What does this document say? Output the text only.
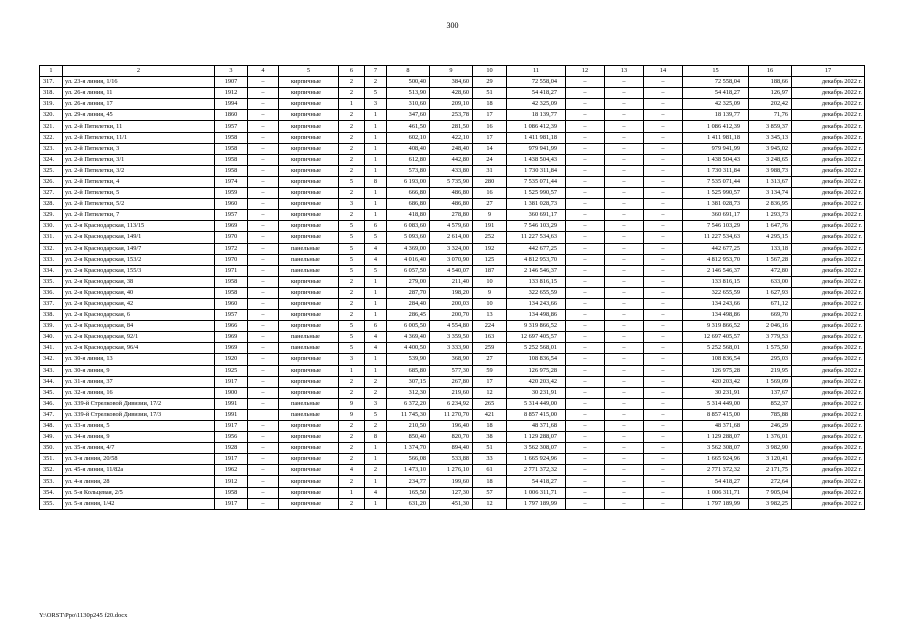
300
1	2	3	4	5	6	7	8	9	10	11	12	13	14	15	16	17
317.	ул. 23-я линия, 1/16	1907	–	кирпичные	2	2	500,40	384,60	29	72 558,04	–	–	–	72 558,04	188,66	декабрь 2022 г.
318.	ул. 26-я линия, 11	1912	–	кирпичные	2	5	513,90	428,60	51	54 418,27	–	–	–	54 418,27	126,97	декабрь 2022 г.
319.	ул. 26-я линия, 17	1994	–	кирпичные	1	3	310,60	209,10	18	42 325,09	–	–	–	42 325,09	202,42	декабрь 2022 г.
320.	ул. 29-я линия, 45	1860	–	кирпичные	2	1	347,60	253,78	17	18 139,77	–	–	–	18 139,77	71,76	декабрь 2022 г.
321.	ул. 2-й Пятилетки, 11	1957	–	кирпичные	2	1	461,50	281,50	16	1 086 412,39	–	–	–	1 086 412,39	3 859,37	декабрь 2022 г.
322.	ул. 2-й Пятилетки, 11/1	1958	–	кирпичные	2	1	602,10	422,10	17	1 411 981,18	–	–	–	1 411 981,18	3 345,13	декабрь 2022 г.
323.	ул. 2-й Пятилетки, 3	1958	–	кирпичные	2	1	408,40	248,40	14	979 941,99	–	–	–	979 941,99	3 945,02	декабрь 2022 г.
324.	ул. 2-й Пятилетки, 3/1	1958	–	кирпичные	2	1	612,80	442,80	24	1 438 504,43	–	–	–	1 438 504,43	3 248,65	декабрь 2022 г.
325.	ул. 2-й Пятилетки, 3/2	1958	–	кирпичные	2	1	573,80	433,80	31	1 730 311,84	–	–	–	1 730 311,84	3 988,73	декабрь 2022 г.
326.	ул. 2-й Пятилетки, 4	1974	–	кирпичные	5	8	6 193,00	5 735,90	280	7 535 071,44	–	–	–	7 535 071,44	1 313,67	декабрь 2022 г.
327.	ул. 2-й Пятилетки, 5	1959	–	кирпичные	2	1	666,80	486,80	16	1 525 990,57	–	–	–	1 525 990,57	3 134,74	декабрь 2022 г.
328.	ул. 2-й Пятилетки, 5/2	1960	–	кирпичные	3	1	686,80	486,80	27	1 381 028,73	–	–	–	1 381 028,73	2 836,95	декабрь 2022 г.
329.	ул. 2-й Пятилетки, 7	1957	–	кирпичные	2	1	418,80	278,80	9	360 691,17	–	–	–	360 691,17	1 293,73	декабрь 2022 г.
330.	ул. 2-я Краснодарская, 113/15	1969	–	кирпичные	5	6	6 083,60	4 579,60	191	7 546 103,29	–	–	–	7 546 103,29	1 647,76	декабрь 2022 г.
331.	ул. 2-я Краснодарская, 149/1	1970	–	кирпичные	5	5	5 093,60	2 614,00	252	11 227 534,63	–	–	–	11 227 534,63	4 295,15	декабрь 2022 г.
332.	ул. 2-я Краснодарская, 149/7	1972	–	панельные	5	4	4 369,00	3 324,00	192	442 677,25	–	–	–	442 677,25	133,18	декабрь 2022 г.
333.	ул. 2-я Краснодарская, 153/2	1970	–	панельные	5	4	4 016,40	3 070,90	125	4 812 953,70	–	–	–	4 812 953,70	1 567,28	декабрь 2022 г.
334.	ул. 2-я Краснодарская, 155/3	1971	–	панельные	5	5	6 057,50	4 540,07	187	2 146 546,37	–	–	–	2 146 546,37	472,80	декабрь 2022 г.
335.	ул. 2-я Краснодарская, 38	1958	–	кирпичные	2	1	279,00	211,40	10	133 816,15	–	–	–	133 816,15	633,00	декабрь 2022 г.
336.	ул. 2-я Краснодарская, 40	1958	–	кирпичные	2	1	287,70	198,20	9	322 655,59	–	–	–	322 655,59	1 627,93	декабрь 2022 г.
337.	ул. 2-я Краснодарская, 42	1960	–	кирпичные	2	1	284,40	200,03	10	134 243,66	–	–	–	134 243,66	671,12	декабрь 2022 г.
338.	ул. 2-я Краснодарская, 6	1957	–	кирпичные	2	1	286,45	200,70	13	134 498,86	–	–	–	134 498,86	669,70	декабрь 2022 г.
339.	ул. 2-я Краснодарская, 84	1966	–	кирпичные	5	6	6 005,50	4 554,80	224	9 319 866,52	–	–	–	9 319 866,52	2 046,16	декабрь 2022 г.
340.	ул. 2-я Краснодарская, 92/1	1969	–	панельные	5	4	4 369,40	3 359,50	163	12 697 405,57	–	–	–	12 697 405,57	3 779,53	декабрь 2022 г.
341.	ул. 2-я Краснодарская, 96/4	1969	–	панельные	5	4	4 400,50	3 333,90	259	5 252 568,01	–	–	–	5 252 568,01	1 575,50	декабрь 2022 г.
342.	ул. 30-я линия, 13	1920	–	кирпичные	3	1	539,90	368,90	27	108 836,54	–	–	–	108 836,54	295,03	декабрь 2022 г.
343.	ул. 30-я линия, 9	1925	–	кирпичные	1	1	685,80	577,30	59	126 975,28	–	–	–	126 975,28	219,95	декабрь 2022 г.
344.	ул. 31-я линия, 37	1917	–	кирпичные	2	2	307,15	267,80	17	420 203,42	–	–	–	420 203,42	1 569,09	декабрь 2022 г.
345.	ул. 32-я линия, 16	1900	–	кирпичные	2	2	312,30	219,60	12	30 231,91	–	–	–	30 231,91	137,67	декабрь 2022 г.
346.	ул. 339-й Стрелковой Дивизии, 17/2	1991	–	панельные	9	3	6 372,20	6 234,92	265	5 314 449,00	–	–	–	5 314 449,00	852,37	декабрь 2022 г.
347.	ул. 339-й Стрелковой Дивизии, 17/3	1991		панельные	9	5	11 745,30	11 270,70	421	8 857 415,00	–	–	–	8 857 415,00	785,88	декабрь 2022 г.
348.	ул. 33-я линия, 5	1917	–	кирпичные	2	2	210,50	196,40	18	48 371,68	–	–	–	48 371,68	246,29	декабрь 2022 г.
349.	ул. 34-я линия, 9	1956	–	кирпичные	2	8	850,40	820,70	38	1 129 288,07	–	–	–	1 129 288,07	1 376,01	декабрь 2022 г.
350.	ул. 35-я линия, 4/7	1928	–	кирпичные	2	1	1 374,70	894,40	51	3 562 308,07	–	–	–	3 562 308,07	3 982,90	декабрь 2022 г.
351.	ул. 3-я линия, 20/58	1917	–	кирпичные	2	1	566,08	533,88	33	1 665 924,96	–	–	–	1 665 924,96	3 120,41	декабрь 2022 г.
352.	ул. 45-я линия, 11/82а	1962	–	кирпичные	4	2	1 473,10	1 276,10	61	2 771 372,32	–	–	–	2 771 372,32	2 171,75	декабрь 2022 г.
353.	ул. 4-я линия, 28	1912	–	кирпичные	2	1	234,77	199,60	18	54 418,27	–	–	–	54 418,27	272,64	декабрь 2022 г.
354.	ул. 5-я Кольцевая, 2/5	1958	–	кирпичные	1	4	165,50	127,30	57	1 006 311,71	–	–	–	1 006 311,71	7 905,04	декабрь 2022 г.
355.	ул. 5-я линия, 1/42	1917	–	кирпичные	2	1	631,20	451,30	12	1 797 189,99	–	–	–	1 797 189,99	3 982,25	декабрь 2022 г.
Y:\ORST\Ppo\1130p245 f20.docx
